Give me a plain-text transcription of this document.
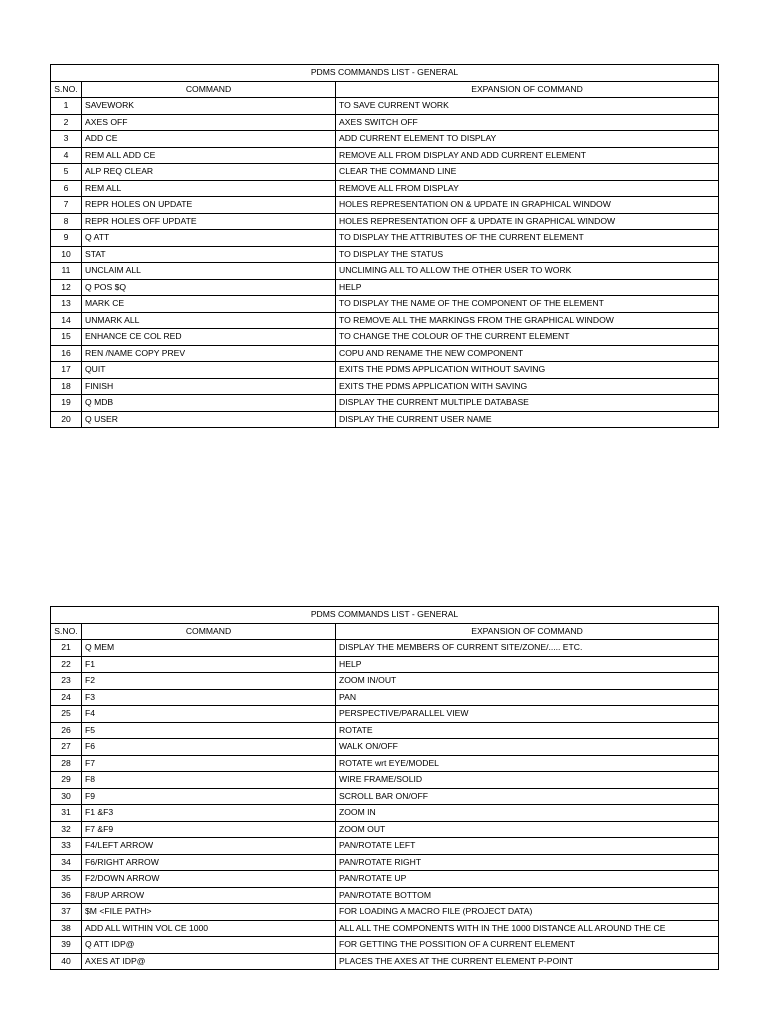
PDMS COMMANDS LIST - GENERAL		
S.NO.	COMMAND	EXPANSION OF COMMAND
1	SAVEWORK	TO SAVE CURRENT WORK
2	AXES OFF	AXES SWITCH OFF
3	ADD CE	ADD CURRENT ELEMENT TO DISPLAY
4	REM ALL ADD CE	REMOVE ALL FROM DISPLAY AND ADD CURRENT ELEMENT
5	ALP REQ CLEAR	CLEAR THE COMMAND LINE
6	REM ALL	REMOVE ALL FROM DISPLAY
7	REPR HOLES ON UPDATE	HOLES REPRESENTATION ON & UPDATE IN GRAPHICAL WINDOW
8	REPR HOLES OFF UPDATE	HOLES REPRESENTATION OFF & UPDATE IN GRAPHICAL WINDOW
9	Q ATT	TO DISPLAY THE ATTRIBUTES OF THE CURRENT ELEMENT
10	STAT	TO DISPLAY THE STATUS
11	UNCLAIM ALL	UNCLIMING ALL TO ALLOW THE OTHER USER TO WORK
12	Q POS $Q	HELP
13	MARK CE	TO DISPLAY THE NAME OF THE COMPONENT OF THE ELEMENT
14	UNMARK ALL	TO REMOVE ALL THE MARKINGS FROM THE GRAPHICAL WINDOW
15	ENHANCE CE COL RED	TO CHANGE THE COLOUR OF THE CURRENT ELEMENT
16	REN /NAME COPY PREV	COPU AND RENAME THE NEW COMPONENT
17	QUIT	EXITS THE PDMS APPLICATION WITHOUT SAVING
18	FINISH	EXITS THE PDMS APPLICATION WITH SAVING
19	Q MDB	DISPLAY THE CURRENT MULTIPLE DATABASE
20	Q USER	DISPLAY THE CURRENT USER NAME
PDMS COMMANDS LIST - GENERAL		
S.NO.	COMMAND	EXPANSION OF COMMAND
21	Q MEM	DISPLAY THE MEMBERS OF CURRENT SITE/ZONE/..... ETC.
22	F1	HELP
23	F2	ZOOM IN/OUT
24	F3	PAN
25	F4	PERSPECTIVE/PARALLEL VIEW
26	F5	ROTATE
27	F6	WALK ON/OFF
28	F7	ROTATE wrt EYE/MODEL
29	F8	WIRE FRAME/SOLID
30	F9	SCROLL BAR ON/OFF
31	F1 &F3	ZOOM IN
32	F7 &F9	ZOOM OUT
33	F4/LEFT ARROW	PAN/ROTATE LEFT
34	F6/RIGHT ARROW	PAN/ROTATE RIGHT
35	F2/DOWN ARROW	PAN/ROTATE UP
36	F8/UP ARROW	PAN/ROTATE BOTTOM
37	$M <FILE PATH>	FOR LOADING A MACRO FILE (PROJECT DATA)
38	ADD ALL WITHIN VOL CE 1000	ALL ALL THE COMPONENTS WITH IN THE 1000 DISTANCE ALL AROUND THE CE
39	Q ATT IDP@	FOR GETTING THE POSSITION OF A CURRENT ELEMENT
40	AXES AT IDP@	PLACES THE AXES AT THE CURRENT ELEMENT P-POINT
